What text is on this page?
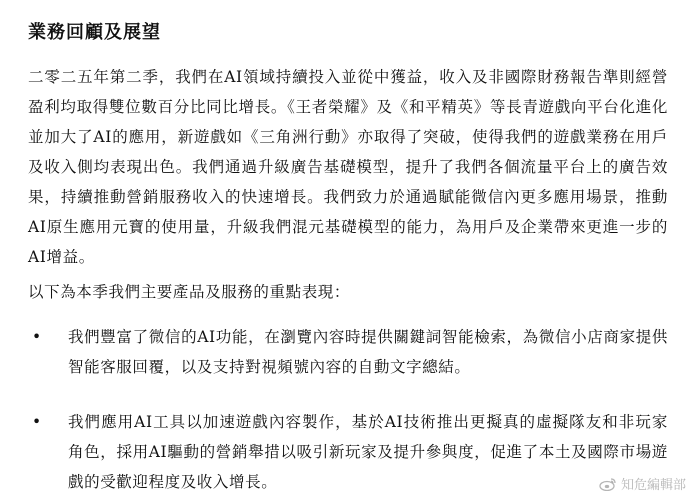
業務回顧及展望
二零二五年第二季，我們在AI領域持續投入並從中獲益，收入及非國際財務報告準則經營盈利均取得雙位數百分比同比增長。《王者榮耀》及《和平精英》等長青遊戲向平台化進化並加大了AI的應用，新遊戲如《三角洲行動》亦取得了突破，使得我們的遊戲業務在用戶及收入側均表現出色。我們通過升級廣告基礎模型，提升了我們各個流量平台上的廣告效果，持續推動營銷服務收入的快速增長。我們致力於通過賦能微信內更多應用場景，推動AI原生應用元寶的使用量，升級我們混元基礎模型的能力，為用戶及企業帶來更進一步的AI增益。
以下為本季我們主要產品及服務的重點表現：
•	我們豐富了微信的AI功能，在瀏覽內容時提供關鍵詞智能檢索，為微信小店商家提供智能客服回覆，以及支持對視頻號內容的自動文字總結。
•	我們應用AI工具以加速遊戲內容製作，基於AI技術推出更擬真的虛擬隊友和非玩家角色，採用AI驅動的營銷舉措以吸引新玩家及提升參與度，促進了本土及國際市場遊戲的受歡迎程度及收入增長。	知危編輯部
